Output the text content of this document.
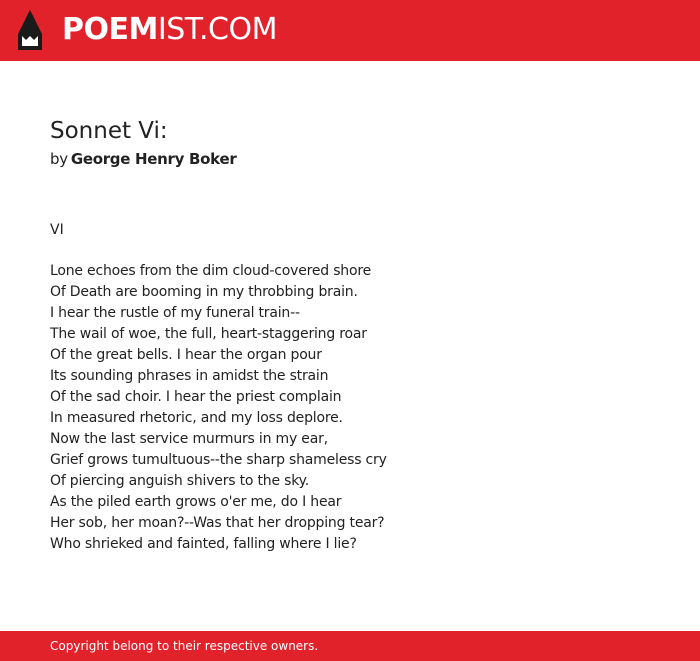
POEMIST.COM
Sonnet Vi:
by George Henry Boker
VI
Lone echoes from the dim cloud-covered shore
Of Death are booming in my throbbing brain.
I hear the rustle of my funeral train--
The wail of woe, the full, heart-staggering roar
Of the great bells. I hear the organ pour
Its sounding phrases in amidst the strain
Of the sad choir. I hear the priest complain
In measured rhetoric, and my loss deplore.
Now the last service murmurs in my ear,
Grief grows tumultuous--the sharp shameless cry
Of piercing anguish shivers to the sky.
As the piled earth grows o'er me, do I hear
Her sob, her moan?--Was that her dropping tear?
Who shrieked and fainted, falling where I lie?
Copyright belong to their respective owners.
